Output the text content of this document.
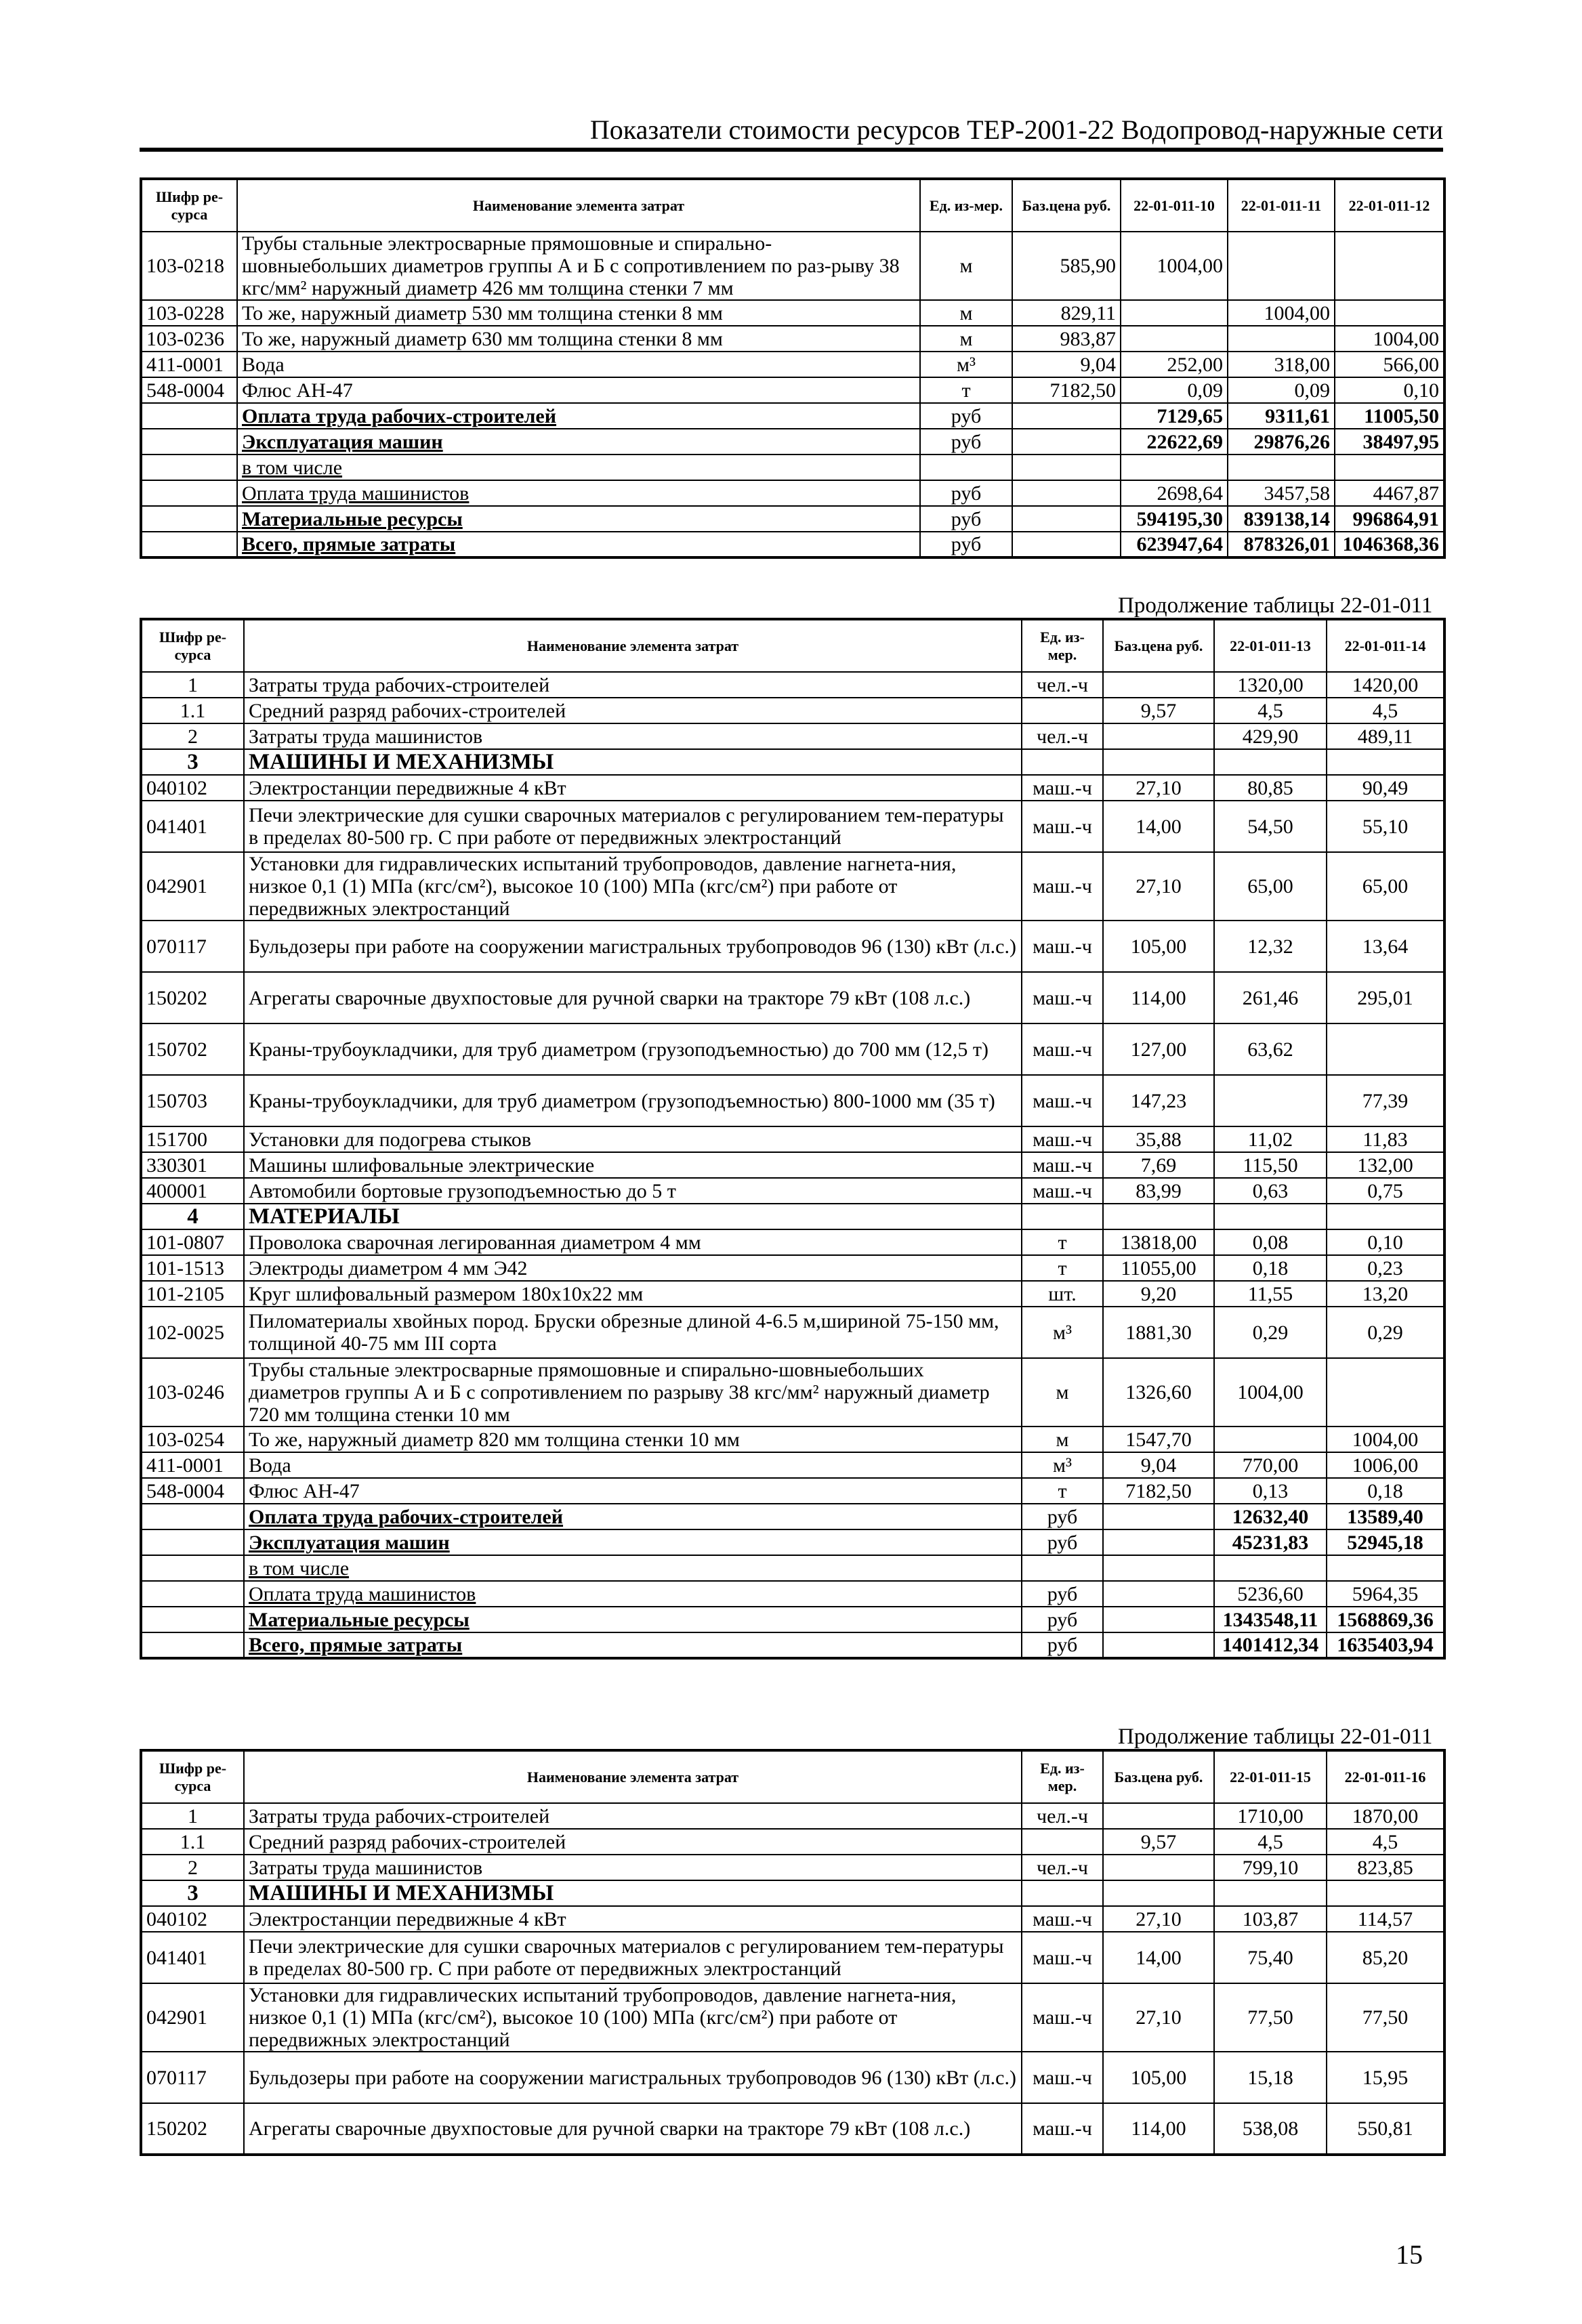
Показатели стоимости ресурсов ТЕР-2001-22 Водопровод-наружные сети
Шифр ре-сурса	Наименование элемента затрат	Ед. из-мер.	Баз.цена руб.	22-01-011-10	22-01-011-11	22-01-011-12
103-0218	Трубы стальные электросварные прямошовные и спирально-шовныебольших диаметров группы А и Б с сопротивлением по раз-рыву 38 кгс/мм² наружный диаметр 426 мм толщина стенки 7 мм	м	585,90	1004,00		
103-0228	То же, наружный диаметр 530 мм толщина стенки 8 мм	м	829,11		1004,00	
103-0236	То же, наружный диаметр 630 мм толщина стенки 8 мм	м	983,87			1004,00
411-0001	Вода	м³	9,04	252,00	318,00	566,00
548-0004	Флюс АН-47	т	7182,50	0,09	0,09	0,10
	Оплата труда рабочих-строителей	руб		7129,65	9311,61	11005,50
	Эксплуатация машин	руб		22622,69	29876,26	38497,95
	в том числе					
	Оплата труда машинистов	руб		2698,64	3457,58	4467,87
	Материальные ресурсы	руб		594195,30	839138,14	996864,91
	Всего, прямые затраты	руб		623947,64	878326,01	1046368,36
Продолжение таблицы 22-01-011
Шифр ре-сурса	Наименование элемента затрат	Ед. из-мер.	Баз.цена руб.	22-01-011-13	22-01-011-14
1	Затраты труда рабочих-строителей	чел.-ч		1320,00	1420,00
1.1	Средний разряд рабочих-строителей		9,57	4,5	4,5
2	Затраты труда машинистов	чел.-ч		429,90	489,11
3	МАШИНЫ И МЕХАНИЗМЫ				
040102	Электростанции передвижные 4 кВт	маш.-ч	27,10	80,85	90,49
041401	Печи электрические для сушки сварочных материалов с регулированием тем-пературы в пределах 80-500 гр. С при работе от передвижных электростанций	маш.-ч	14,00	54,50	55,10
042901	Установки для гидравлических испытаний трубопроводов, давление нагнета-ния, низкое 0,1 (1) МПа (кгс/см²), высокое 10 (100) МПа (кгс/см²) при работе от передвижных электростанций	маш.-ч	27,10	65,00	65,00
070117	Бульдозеры при работе на сооружении магистральных трубопроводов 96 (130) кВт (л.с.)	маш.-ч	105,00	12,32	13,64
150202	Агрегаты сварочные двухпостовые для ручной сварки на тракторе 79 кВт (108 л.с.)	маш.-ч	114,00	261,46	295,01
150702	Краны-трубоукладчики, для труб диаметром (грузоподъемностью) до 700 мм (12,5 т)	маш.-ч	127,00	63,62	
150703	Краны-трубоукладчики, для труб диаметром (грузоподъемностью) 800-1000 мм (35 т)	маш.-ч	147,23		77,39
151700	Установки для подогрева стыков	маш.-ч	35,88	11,02	11,83
330301	Машины шлифовальные электрические	маш.-ч	7,69	115,50	132,00
400001	Автомобили бортовые грузоподъемностью до 5 т	маш.-ч	83,99	0,63	0,75
4	МАТЕРИАЛЫ				
101-0807	Проволока сварочная легированная диаметром 4 мм	т	13818,00	0,08	0,10
101-1513	Электроды диаметром 4 мм Э42	т	11055,00	0,18	0,23
101-2105	Круг шлифовальный размером 180х10х22 мм	шт.	9,20	11,55	13,20
102-0025	Пиломатериалы хвойных пород. Бруски обрезные длиной 4-6.5 м,шириной 75-150 мм, толщиной 40-75 мм III сорта	м³	1881,30	0,29	0,29
103-0246	Трубы стальные электросварные прямошовные и спирально-шовныебольших диаметров группы А и Б с сопротивлением по разрыву 38 кгс/мм² наружный диаметр 720 мм толщина стенки 10 мм	м	1326,60	1004,00	
103-0254	То же, наружный диаметр 820 мм толщина стенки 10 мм	м	1547,70		1004,00
411-0001	Вода	м³	9,04	770,00	1006,00
548-0004	Флюс АН-47	т	7182,50	0,13	0,18
	Оплата труда рабочих-строителей	руб		12632,40	13589,40
	Эксплуатация машин	руб		45231,83	52945,18
	в том числе				
	Оплата труда машинистов	руб		5236,60	5964,35
	Материальные ресурсы	руб		1343548,11	1568869,36
	Всего, прямые затраты	руб		1401412,34	1635403,94
Продолжение таблицы 22-01-011
Шифр ре-сурса	Наименование элемента затрат	Ед. из-мер.	Баз.цена руб.	22-01-011-15	22-01-011-16
1	Затраты труда рабочих-строителей	чел.-ч		1710,00	1870,00
1.1	Средний разряд рабочих-строителей		9,57	4,5	4,5
2	Затраты труда машинистов	чел.-ч		799,10	823,85
3	МАШИНЫ И МЕХАНИЗМЫ				
040102	Электростанции передвижные 4 кВт	маш.-ч	27,10	103,87	114,57
041401	Печи электрические для сушки сварочных материалов с регулированием тем-пературы в пределах 80-500 гр. С при работе от передвижных электростанций	маш.-ч	14,00	75,40	85,20
042901	Установки для гидравлических испытаний трубопроводов, давление нагнета-ния, низкое 0,1 (1) МПа (кгс/см²), высокое 10 (100) МПа (кгс/см²) при работе от передвижных электростанций	маш.-ч	27,10	77,50	77,50
070117	Бульдозеры при работе на сооружении магистральных трубопроводов 96 (130) кВт (л.с.)	маш.-ч	105,00	15,18	15,95
150202	Агрегаты сварочные двухпостовые для ручной сварки на тракторе 79 кВт (108 л.с.)	маш.-ч	114,00	538,08	550,81
15
